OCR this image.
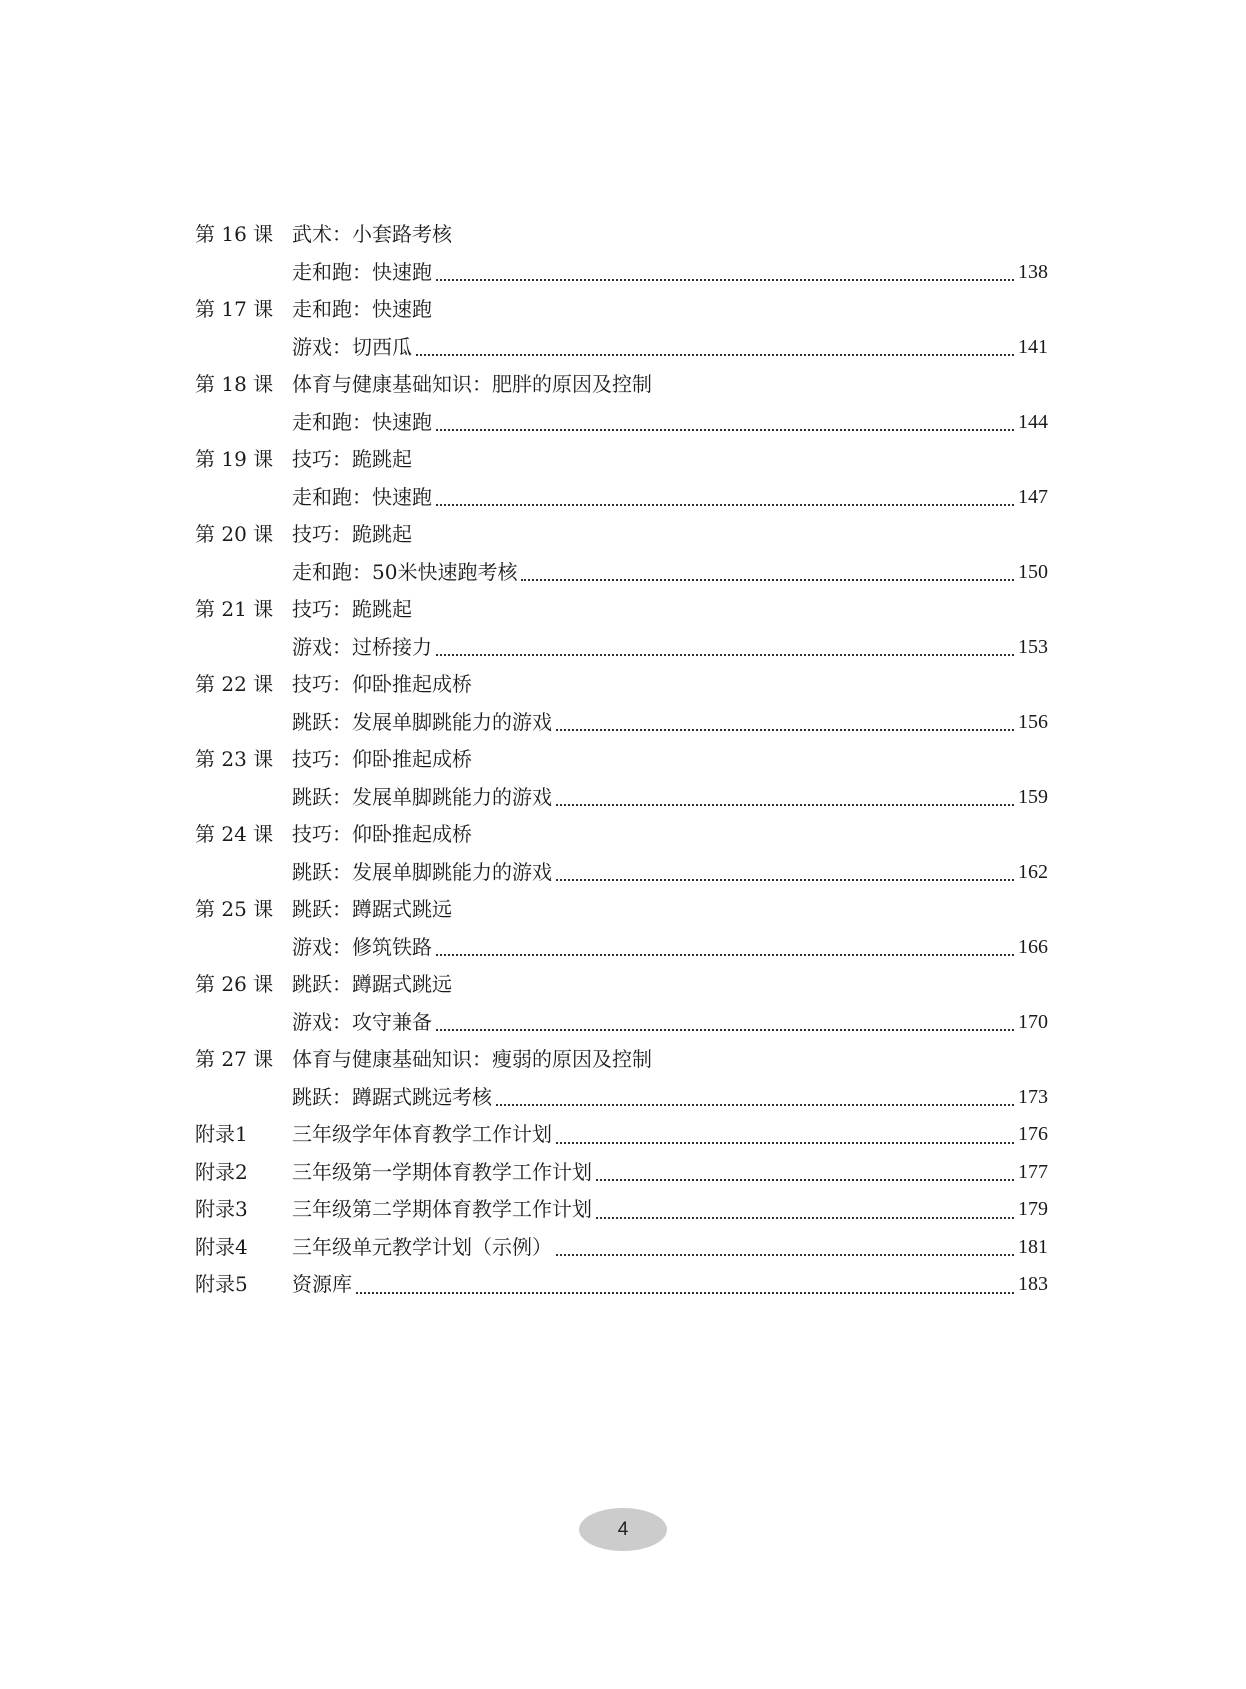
第 16 课 武术：小套路考核
走和跑：快速跑	138
第 17 课 走和跑：快速跑
游戏：切西瓜	141
第 18 课 体育与健康基础知识：肥胖的原因及控制
走和跑：快速跑	144
第 19 课 技巧：跪跳起
走和跑：快速跑	147
第 20 课 技巧：跪跳起
走和跑：50米快速跑考核	150
第 21 课 技巧：跪跳起
游戏：过桥接力	153
第 22 课 技巧：仰卧推起成桥
跳跃：发展单脚跳能力的游戏	156
第 23 课 技巧：仰卧推起成桥
跳跃：发展单脚跳能力的游戏	159
第 24 课 技巧：仰卧推起成桥
跳跃：发展单脚跳能力的游戏	162
第 25 课 跳跃：蹲踞式跳远
游戏：修筑铁路	166
第 26 课 跳跃：蹲踞式跳远
游戏：攻守兼备	170
第 27 课 体育与健康基础知识：瘦弱的原因及控制
跳跃：蹲踞式跳远考核	173
附录1	三年级学年体育教学工作计划	176
附录2	三年级第一学期体育教学工作计划	177
附录3	三年级第二学期体育教学工作计划	179
附录4	三年级单元教学计划（示例）	181
附录5	资源库	183
4
